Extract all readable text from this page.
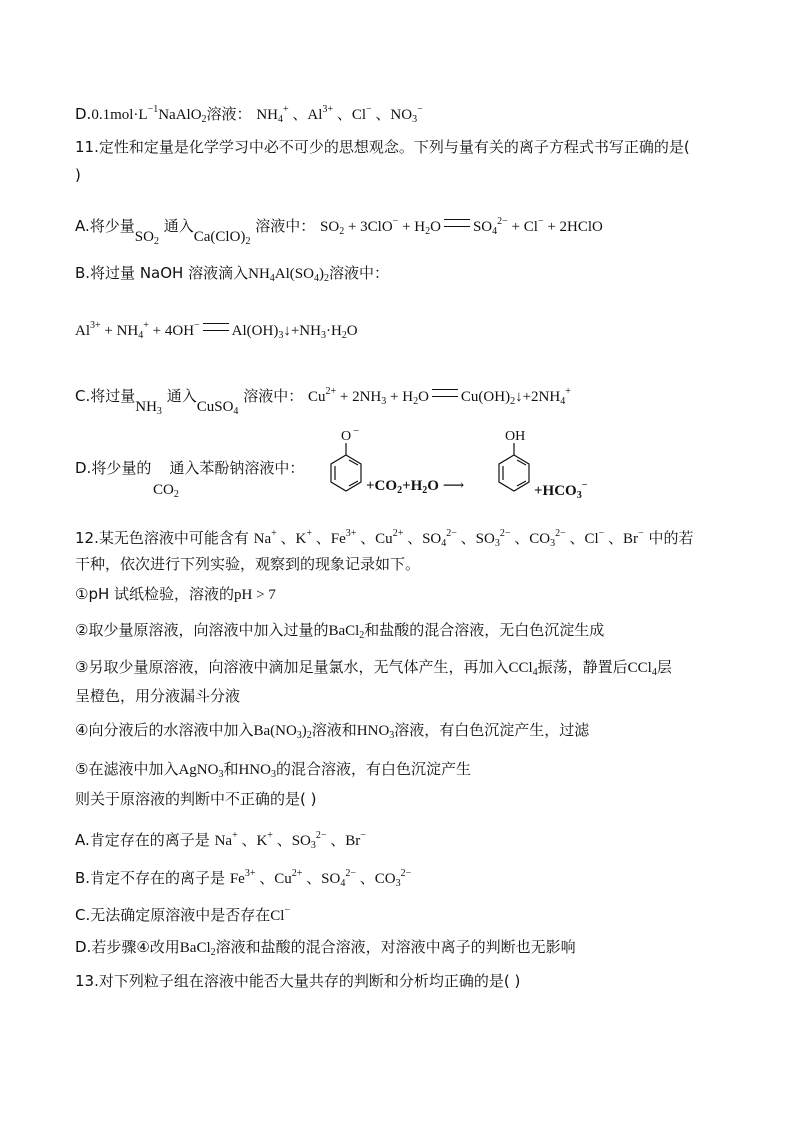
$D.0.1mol\cdot L^{-1}NaAlO_2$溶液： $NH_4^+$ 、$Al^{3+}$ 、Cl− 、$NO_3^-$
11.定性和定量是化学学习中必不可少的思想观念。下列与量有关的离子方程式书写正确的是(
)
A.将少量$SO_2$ 通入$Ca(ClO)_2$ 溶液中： $SO_2 + 3ClO^- + H_2O$ $SO_4^{2-} + Cl^-$ + 2HClO
B.将过量 NaOH 溶液滴入$NH_4Al(SO_4)_2$溶液中：
$Al^{3+} + NH_4^+ + 4OH^-$ $Al(OH)_3↓+NH_3\cdot H_2O$
C.将过量$NH_3$ 通入CuSO$_4$ 溶液中： $Cu^{2+} + 2NH_3 + H_2O$ $Cu(OH)_2↓+2NH_4^+$
D.将少量的 通入苯酚钠溶液中：
$CO_2$
O −
$+CO_2+H_2O$ ⟶
OH
$+HCO_3^-$
12.某无色溶液中可能含有 Na+ 、K+ 、$Fe^{3+}$ 、$Cu^{2+}$ 、$SO_4^{2-}$ 、$SO_3^{2-}$ 、$CO_3^{2-}$ 、Cl− 、Br− 中的若
干种，依次进行下列实验，观察到的现象记录如下。
①pH 试纸检验，溶液的pH > 7
②取少量原溶液，向溶液中加入过量的BaCl$_2$和盐酸的混合溶液，无白色沉淀生成
③另取少量原溶液，向溶液中滴加足量氯水，无气体产生，再加入CCl$_4$振荡，静置后CCl$_4$层
呈橙色，用分液漏斗分液
④向分液后的水溶液中加入$Ba(NO_3)_2$溶液和$HNO_3$溶液，有白色沉淀产生，过滤
⑤在滤液中加入AgNO$_3$和$HNO_3$的混合溶液，有白色沉淀产生
则关于原溶液的判断中不正确的是( )
A.肯定存在的离子是 Na+ 、K+ 、$SO_3^{2-}$ 、Br−
B.肯定不存在的离子是 $Fe^{3+}$ 、$Cu^{2+}$ 、$SO_4^{2-}$ 、$CO_3^{2-}$
C.无法确定原溶液中是否存在Cl−
D.若步骤④改用BaCl$_2$溶液和盐酸的混合溶液，对溶液中离子的判断也无影响
13.对下列粒子组在溶液中能否大量共存的判断和分析均正确的是( )
